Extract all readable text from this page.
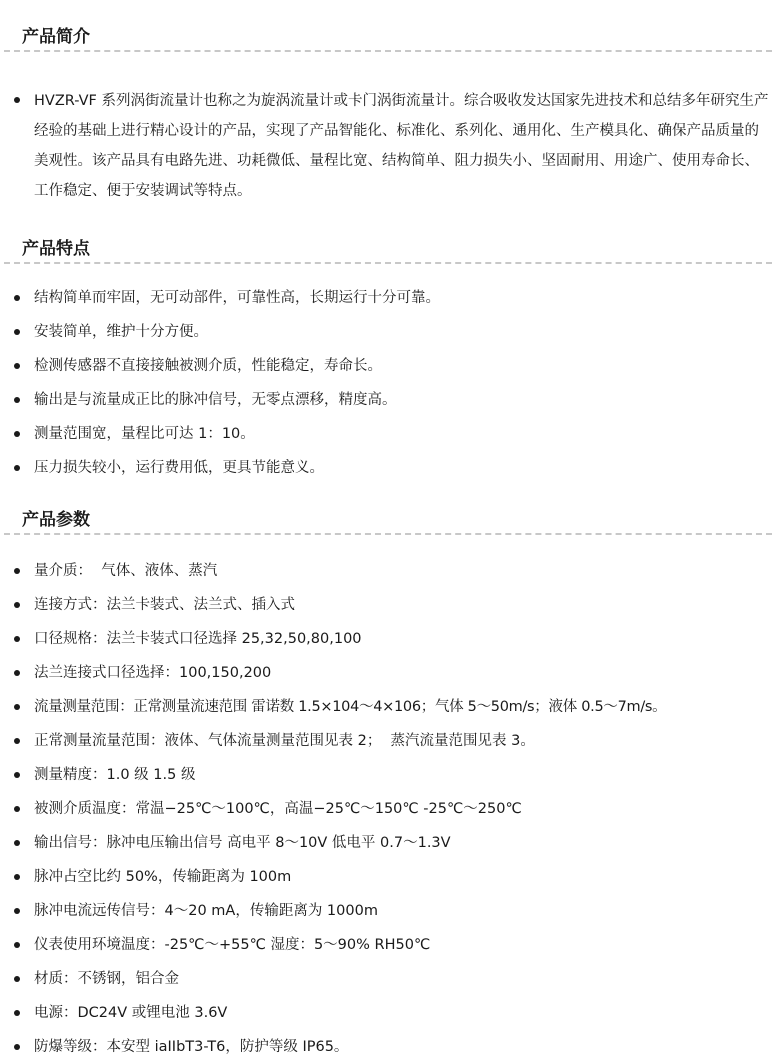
产品简介
HVZR-VF 系列涡街流量计也称之为旋涡流量计或卡门涡街流量计。综合吸收发达国家先进技术和总结多年研究生产经验的基础上进行精心设计的产品，实现了产品智能化、标准化、系列化、通用化、生产模具化、确保产品质量的美观性。该产品具有电路先进、功耗微低、量程比宽、结构简单、阻力损失小、坚固耐用、用途广、使用寿命长、工作稳定、便于安装调试等特点。
产品特点
结构简单而牢固，无可动部件，可靠性高，长期运行十分可靠。
安装简单，维护十分方便。
检测传感器不直接接触被测介质，性能稳定，寿命长。
输出是与流量成正比的脉冲信号，无零点漂移，精度高。
测量范围宽，量程比可达 1：10。
压力损失较小，运行费用低，更具节能意义。
产品参数
量介质：  气体、液体、蒸汽
连接方式：法兰卡装式、法兰式、插入式
口径规格：法兰卡装式口径选择 25,32,50,80,100
法兰连接式口径选择：100,150,200
流量测量范围：正常测量流速范围 雷诺数 1.5×104～4×106；气体 5～50m/s；液体 0.5～7m/s。
正常测量流量范围：液体、气体流量测量范围见表 2；  蒸汽流量范围见表 3。
测量精度：1.0 级 1.5 级
被测介质温度：常温−25℃～100℃，高温−25℃～150℃ -25℃～250℃
输出信号：脉冲电压输出信号 高电平 8～10V 低电平 0.7～1.3V
脉冲占空比约 50%，传输距离为 100m
脉冲电流远传信号：4～20 mA，传输距离为 1000m
仪表使用环境温度：-25℃～+55℃ 湿度：5～90% RH50℃
材质：不锈钢，铝合金
电源：DC24V 或锂电池 3.6V
防爆等级：本安型 iaIIbT3-T6，防护等级 IP65。
